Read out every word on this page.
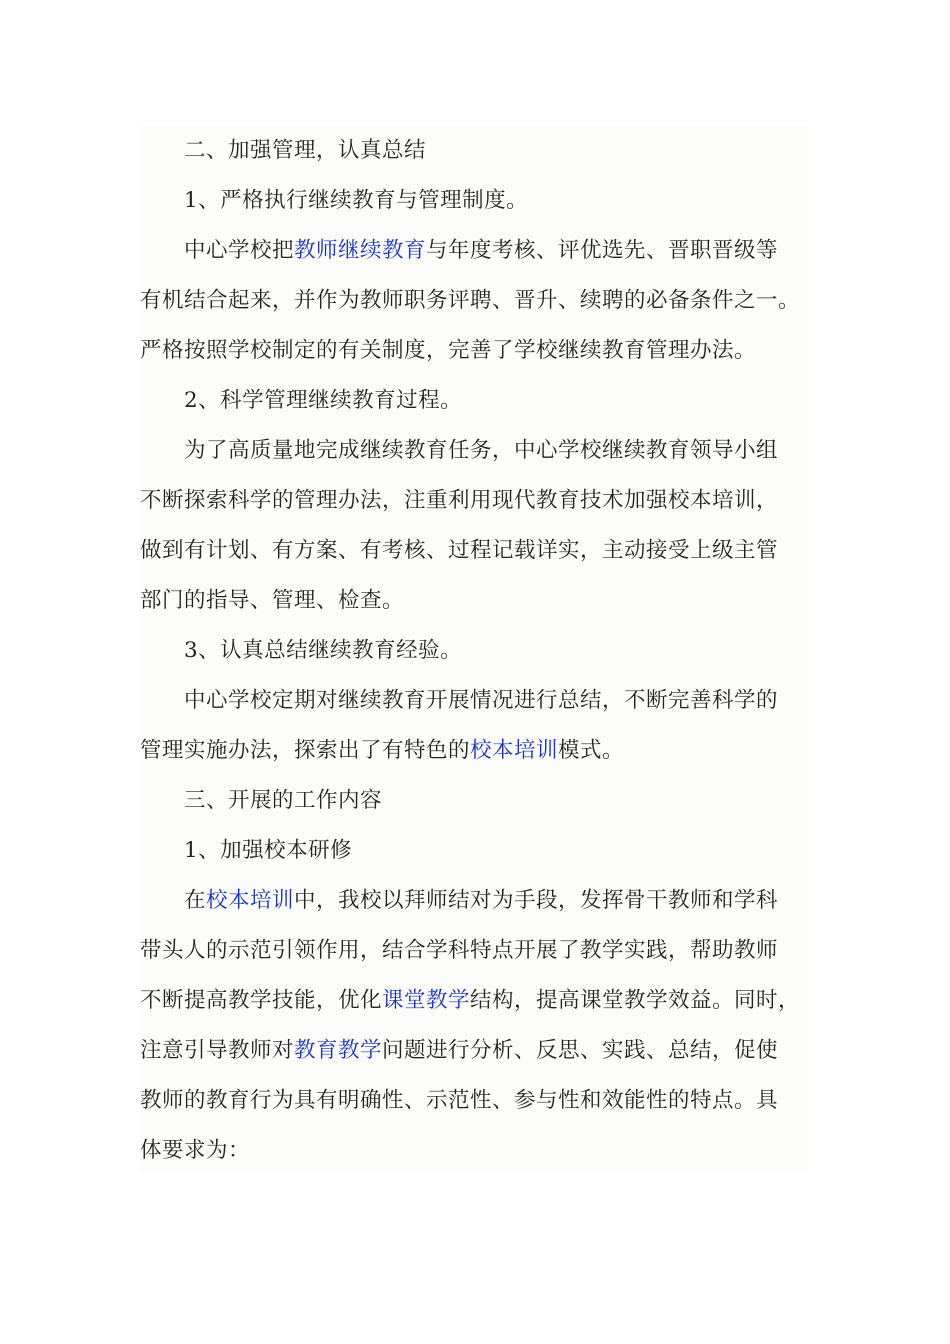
二、加强管理，认真总结
1、严格执行继续教育与管理制度。
中心学校把教师继续教育与年度考核、评优选先、晋职晋级等
有机结合起来，并作为教师职务评聘、晋升、续聘的必备条件之一。
严格按照学校制定的有关制度，完善了学校继续教育管理办法。
2、科学管理继续教育过程。
为了高质量地完成继续教育任务，中心学校继续教育领导小组
不断探索科学的管理办法，注重利用现代教育技术加强校本培训，
做到有计划、有方案、有考核、过程记载详实，主动接受上级主管
部门的指导、管理、检查。
3、认真总结继续教育经验。
中心学校定期对继续教育开展情况进行总结，不断完善科学的
管理实施办法，探索出了有特色的校本培训模式。
三、开展的工作内容
1、加强校本研修
在校本培训中，我校以拜师结对为手段，发挥骨干教师和学科
带头人的示范引领作用，结合学科特点开展了教学实践，帮助教师
不断提高教学技能，优化课堂教学结构，提高课堂教学效益。同时，
注意引导教师对教育教学问题进行分析、反思、实践、总结，促使
教师的教育行为具有明确性、示范性、参与性和效能性的特点。具
体要求为：
